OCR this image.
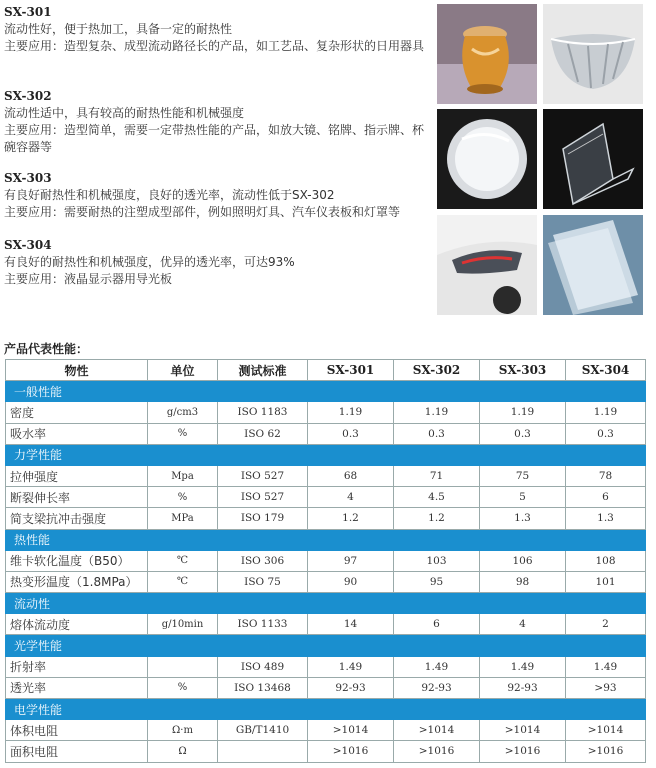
SX-301
流动性好，便于热加工，具备一定的耐热性
主要应用：造型复杂、成型流动路径长的产品，如工艺品、复杂形状的日用器具
SX-302
流动性适中，具有较高的耐热性能和机械强度
主要应用：造型简单，需要一定带热性能的产品，如放大镜、铭牌、指示牌、杯碗容器等
SX-303
有良好耐热性和机械强度，良好的透光率，流动性低于SX-302
主要应用：需要耐热的注塑成型部件，例如照明灯具、汽车仪表板和灯罩等
SX-304
有良好的耐热性和机械强度，优异的透光率，可达93%
主要应用：液晶显示器用导光板
产品代表性能：
物性	单位	测试标准	SX-301	SX-302	SX-303	SX-304
一般性能						
密度	g/cm3	ISO 1183	1.19	1.19	1.19	1.19
吸水率	%	ISO 62	0.3	0.3	0.3	0.3
力学性能						
拉伸强度	Mpa	ISO 527	68	71	75	78
断裂伸长率	%	ISO 527	4	4.5	5	6
简支梁抗冲击强度	MPa	ISO 179	1.2	1.2	1.3	1.3
热性能						
维卡软化温度（B50）	℃	ISO 306	97	103	106	108
热变形温度（1.8MPa）	℃	ISO 75	90	95	98	101
流动性						
熔体流动度	g/10min	ISO 1133	14	6	4	2
光学性能						
折射率		ISO 489	1.49	1.49	1.49	1.49
透光率	%	ISO 13468	92-93	92-93	92-93	>93
电学性能						
体积电阻	Ω·m	GB/T1410	>1014	>1014	>1014	>1014
面积电阻	Ω		>1016	>1016	>1016	>1016
